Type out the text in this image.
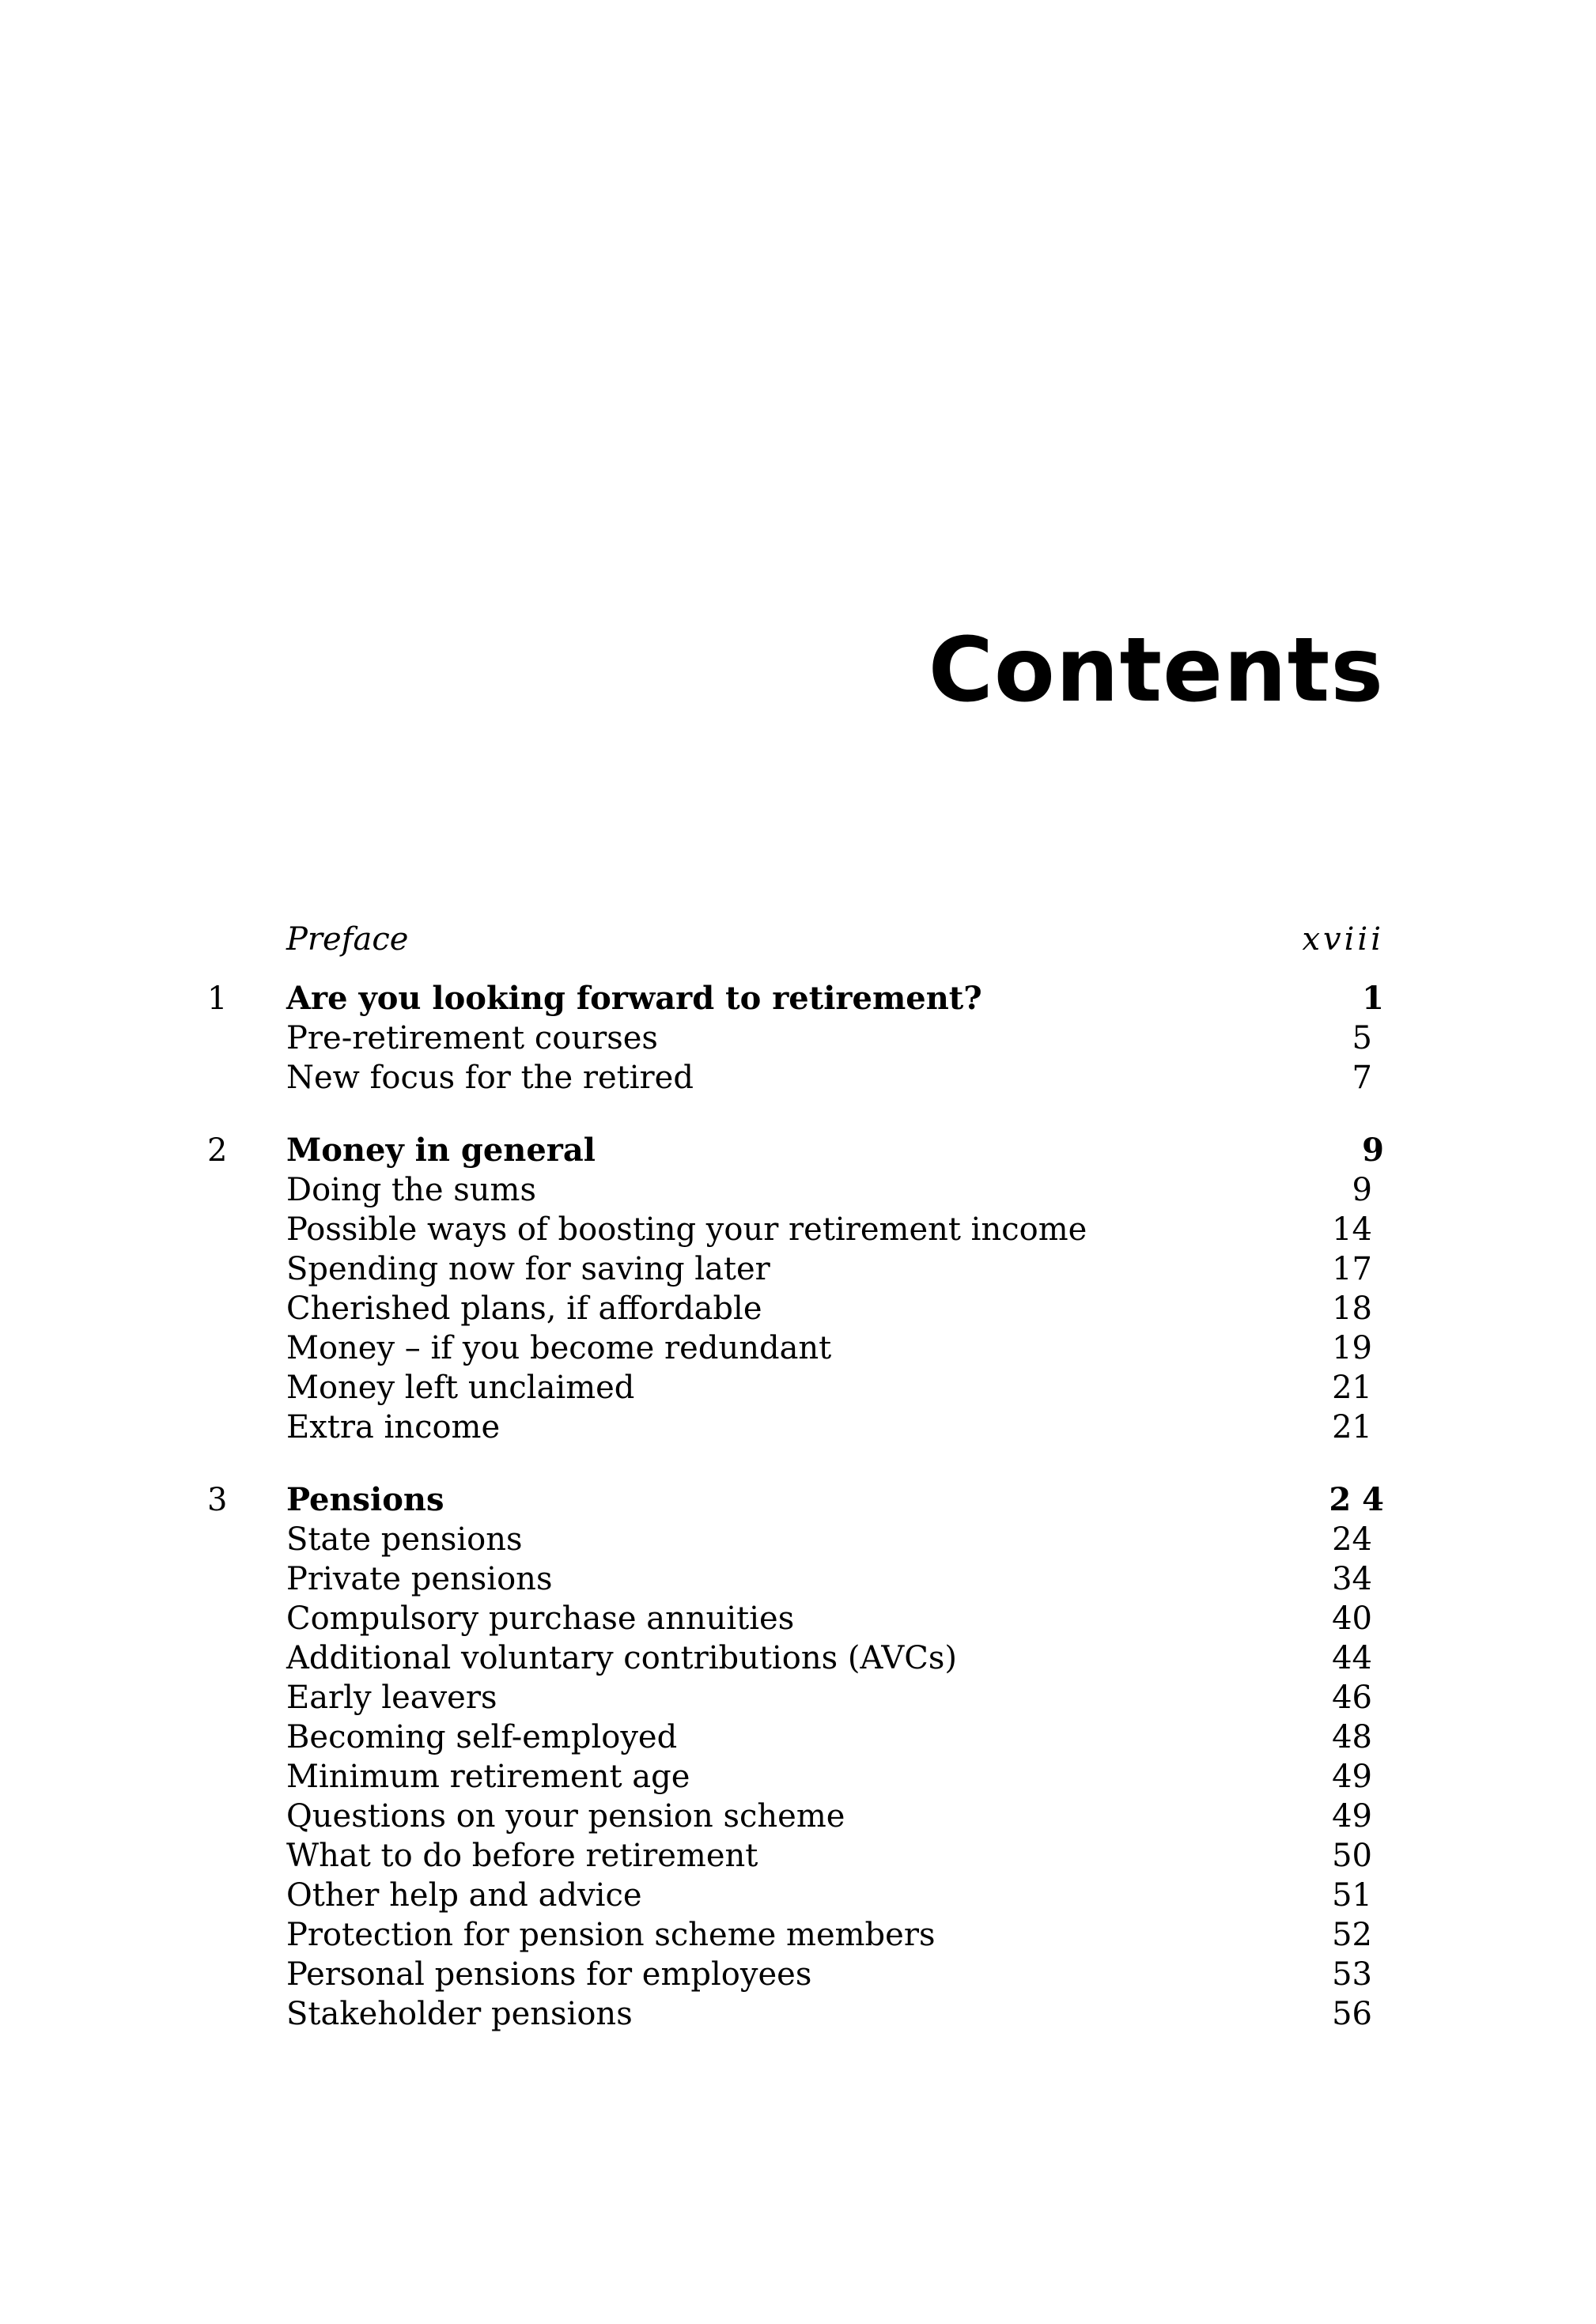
Contents
Preface	xviii
1 Are you looking forward to retirement?	1
Pre-retirement courses	5
New focus for the retired	7
2 Money in general	9
Doing the sums	9
Possible ways of boosting your retirement income	14
Spending now for saving later	17
Cherished plans, if affordable	18
Money – if you become redundant	19
Money left unclaimed	21
Extra income	21
3 Pensions	2 4
State pensions	24
Private pensions	34
Compulsory purchase annuities	40
Additional voluntary contributions (AVCs)	44
Early leavers	46
Becoming self-employed	48
Minimum retirement age	49
Questions on your pension scheme	49
What to do before retirement	50
Other help and advice	51
Protection for pension scheme members	52
Personal pensions for employees	53
Stakeholder pensions	56
